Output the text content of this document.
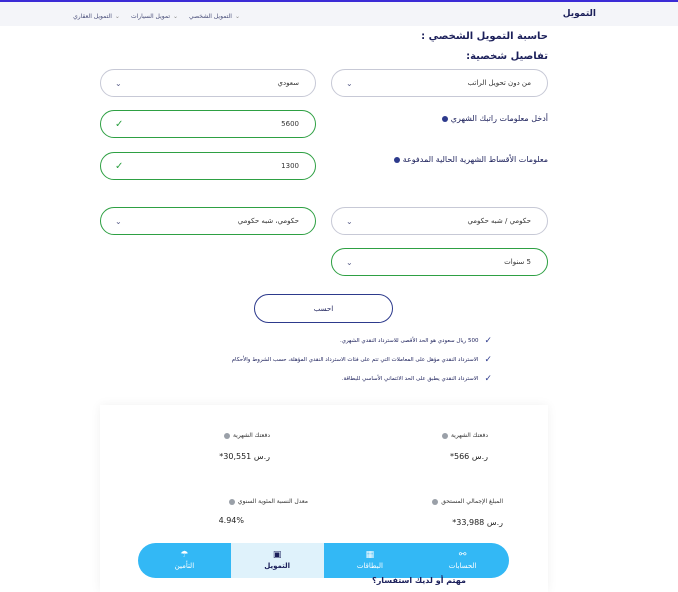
التمويل
التمويل العقاري ⌄ تمويل السيارات ⌄ التمويل الشخصي ⌄
حاسبة التمويل الشخصي :
تفاصيل شخصية:
من دون تحويل الراتب
⌄
سعودي
⌄
أدخل معلومات راتبك الشهري
5600
✓
معلومات الأقساط الشهرية الحالية المدفوعة
1300
✓
حكومي / شبه حكومي
⌄
حكومي، شبه حكومي
⌄
5 سنوات
⌄
احسب
✓
500 ريال سعودي هو الحد الأقصى للاسترداد النقدي الشهري.
✓
الاسترداد النقدي مؤهل على المعاملات التي تتم على فئات الاسترداد النقدي المؤهلة، حسب الشروط والأحكام
✓
الاسترداد النقدي يطبق على الحد الائتماني الأساسي للبطاقة.
دفعتك الشهرية
ر.س 566*
دفعتك الشهرية
ر.س 30,551*
المبلغ الإجمالي المستحق
ر.س 33,988*
معدل النسبة المئوية السنوي
4.94%
⚯
الحسابات
▦
البطاقات
▣
التمويل
☂
التأمين
مهتم أو لديك استفسار؟
